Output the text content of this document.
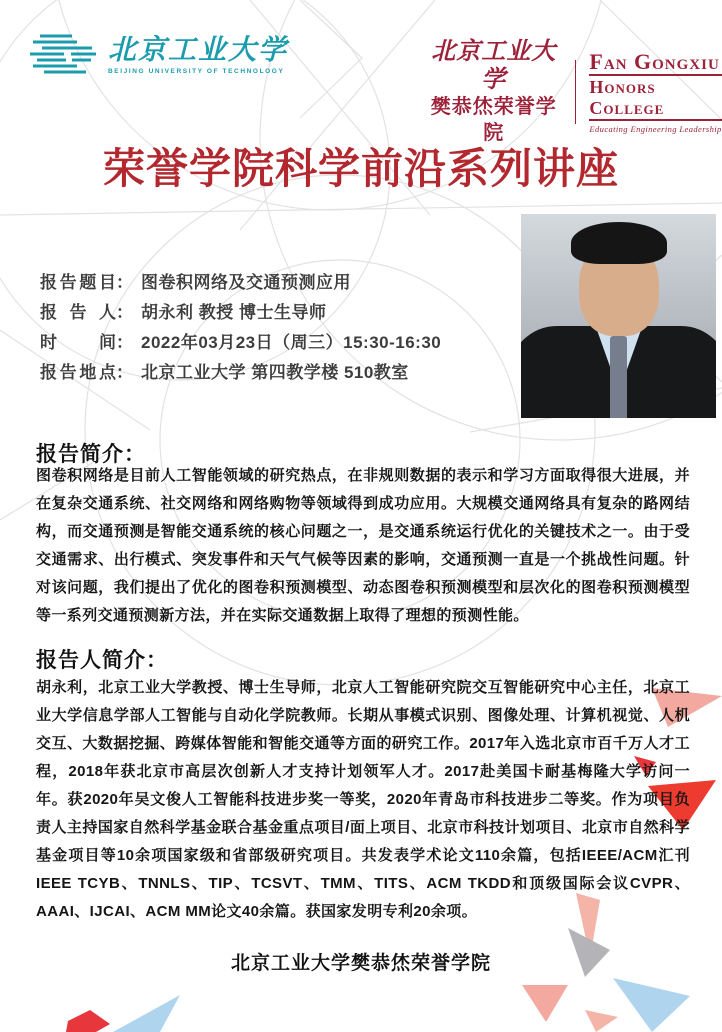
北京工业大学
BEIJING UNIVERSITY OF TECHNOLOGY
北京工业大学
樊恭烋荣誉学院
Fan Gongxiu
Honors College
Educating Engineering Leadership
荣誉学院科学前沿系列讲座
报告题目 ： 图卷积网络及交通预测应用
报告人 ： 胡永利 教授 博士生导师
时间 ： 2022年03月23日（周三）15:30-16:30
报告地点 ： 北京工业大学 第四教学楼 510教室
报告简介：

图卷积网络是目前人工智能领域的研究热点，在非规则数据的表示和学习方面取得很大进展，并在复杂交通系统、社交网络和网络购物等领域得到成功应用。大规模交通网络具有复杂的路网结构，而交通预测是智能交通系统的核心问题之一，是交通系统运行优化的关键技术之一。由于受交通需求、出行模式、突发事件和天气气候等因素的影响，交通预测一直是一个挑战性问题。针对该问题，我们提出了优化的图卷积预测模型、动态图卷积预测模型和层次化的图卷积预测模型等一系列交通预测新方法，并在实际交通数据上取得了理想的预测性能。

报告人简介：

胡永利，北京工业大学教授、博士生导师，北京人工智能研究院交互智能研究中心主任，北京工业大学信息学部人工智能与自动化学院教师。长期从事模式识别、图像处理、计算机视觉、人机交互、大数据挖掘、跨媒体智能和智能交通等方面的研究工作。2017年入选北京市百千万人才工程，2018年获北京市高层次创新人才支持计划领军人才。2017赴美国卡耐基梅隆大学访问一年。获2020年吴文俊人工智能科技进步奖一等奖，2020年青岛市科技进步二等奖。作为项目负责人主持国家自然科学基金联合基金重点项目/面上项目、北京市科技计划项目、北京市自然科学基金项目等10余项国家级和省部级研究项目。共发表学术论文110余篇，包括IEEE/ACM汇刊IEEE TCYB、TNNLS、TIP、TCSVT、TMM、TITS、ACM TKDD和顶级国际会议CVPR、AAAI、IJCAI、ACM MM论文40余篇。获国家发明专利20余项。

北京工业大学樊恭烋荣誉学院
